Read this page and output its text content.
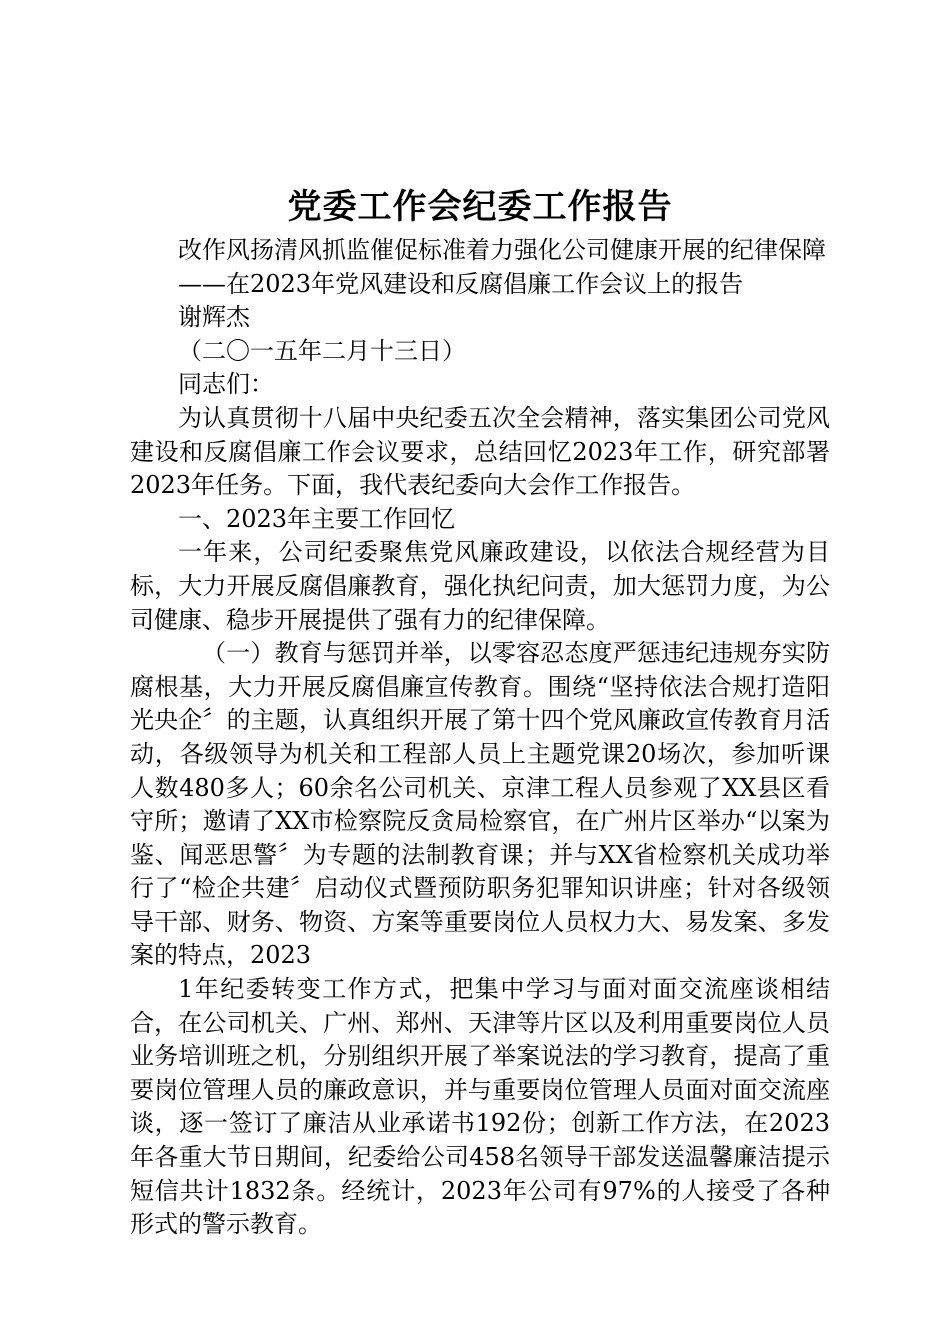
党委工作会纪委工作报告

改作风扬清风抓监催促标准着力强化公司健康开展的纪律保障

——在2023年党风建设和反腐倡廉工作会议上的报告

谢辉杰

（二〇一五年二月十三日）

同志们：

为认真贯彻十八届中央纪委五次全会精神，落实集团公司党风建设和反腐倡廉工作会议要求，总结回忆2023年工作，研究部署2023年任务。下面，我代表纪委向大会作工作报告。

一、2023年主要工作回忆

一年来，公司纪委聚焦党风廉政建设，以依法合规经营为目标，大力开展反腐倡廉教育，强化执纪问责，加大惩罚力度，为公司健康、稳步开展提供了强有力的纪律保障。

（一）教育与惩罚并举，以零容忍态度严惩违纪违规夯实防腐根基，大力开展反腐倡廉宣传教育。围绕“坚持依法合规打造阳光央企〞的主题，认真组织开展了第十四个党风廉政宣传教育月活动，各级领导为机关和工程部人员上主题党课20场次，参加听课人数480多人；60余名公司机关、京津工程人员参观了XX县区看守所；邀请了XX市检察院反贪局检察官，在广州片区举办“以案为鉴、闻恶思警〞为专题的法制教育课；并与XX省检察机关成功举行了“检企共建〞启动仪式暨预防职务犯罪知识讲座；针对各级领导干部、财务、物资、方案等重要岗位人员权力大、易发案、多发案的特点，2023

1年纪委转变工作方式，把集中学习与面对面交流座谈相结合，在公司机关、广州、郑州、天津等片区以及利用重要岗位人员业务培训班之机，分别组织开展了举案说法的学习教育，提高了重要岗位管理人员的廉政意识，并与重要岗位管理人员面对面交流座谈，逐一签订了廉洁从业承诺书192份；创新工作方法，在2023年各重大节日期间，纪委给公司458名领导干部发送温馨廉洁提示短信共计1832条。经统计，2023年公司有97%的人接受了各种形式的警示教育。
